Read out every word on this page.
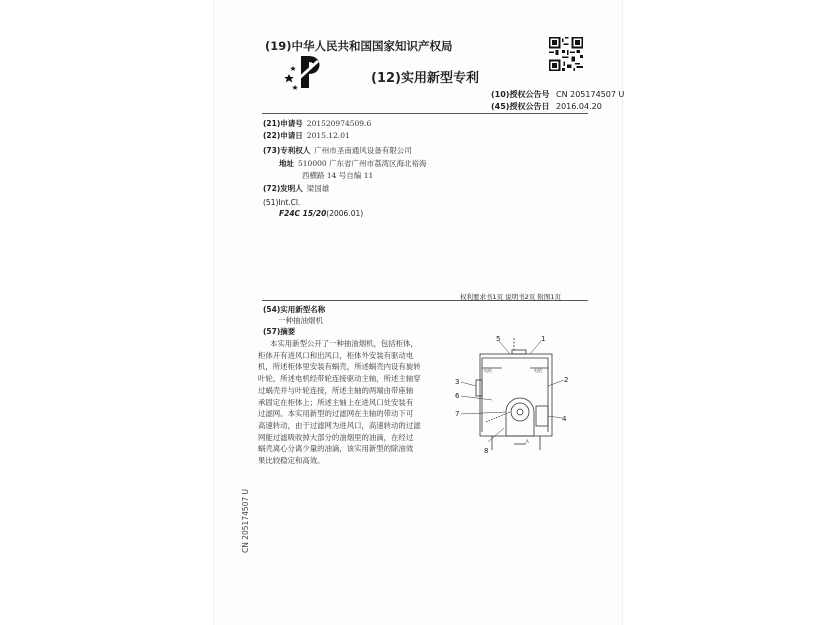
(19)中华人民共和国国家知识产权局
(12)实用新型专利
(10)授权公告号 CN 205174507 U
(45)授权公告日 2016.04.20
(21)申请号 201520974509.6
(22)申请日 2015.12.01
(73)专利权人 广州市圣南通风设备有限公司
地址 510000 广东省广州市荔湾区海北裕海
西横路 14 号自编 11
(72)发明人 梁国雄
(51)Int.Cl.
F24C 15/20(2006.01)
权利要求书1页 说明书2页 附图1页
(54)实用新型名称
一种抽油烟机
(57)摘要
本实用新型公开了一种抽油烟机，包括柜体，
柜体开有进风口和出风口，柜体外安装有驱动电
机，所述柜体里安装有蜗壳，所述蜗壳内设有旋转
叶轮，所述电机经带轮连接驱动主轴，所述主轴穿
过蜗壳并与叶轮连接，所述主轴的两端由带座轴
承固定在柜体上；所述主轴上在进风口处安装有
过滤网。本实用新型的过滤网在主轴的带动下可
高速转动，由于过滤网为进风口，高速转动的过滤
网能过滤吸收掉大部分的油烟里的油滴，在经过
蜗壳离心分离少量的油滴，该实用新型的除油效
果比较稳定和高效。
5	1
2
3
6
7
4
8
电机	电机
A
CN 205174507 U
